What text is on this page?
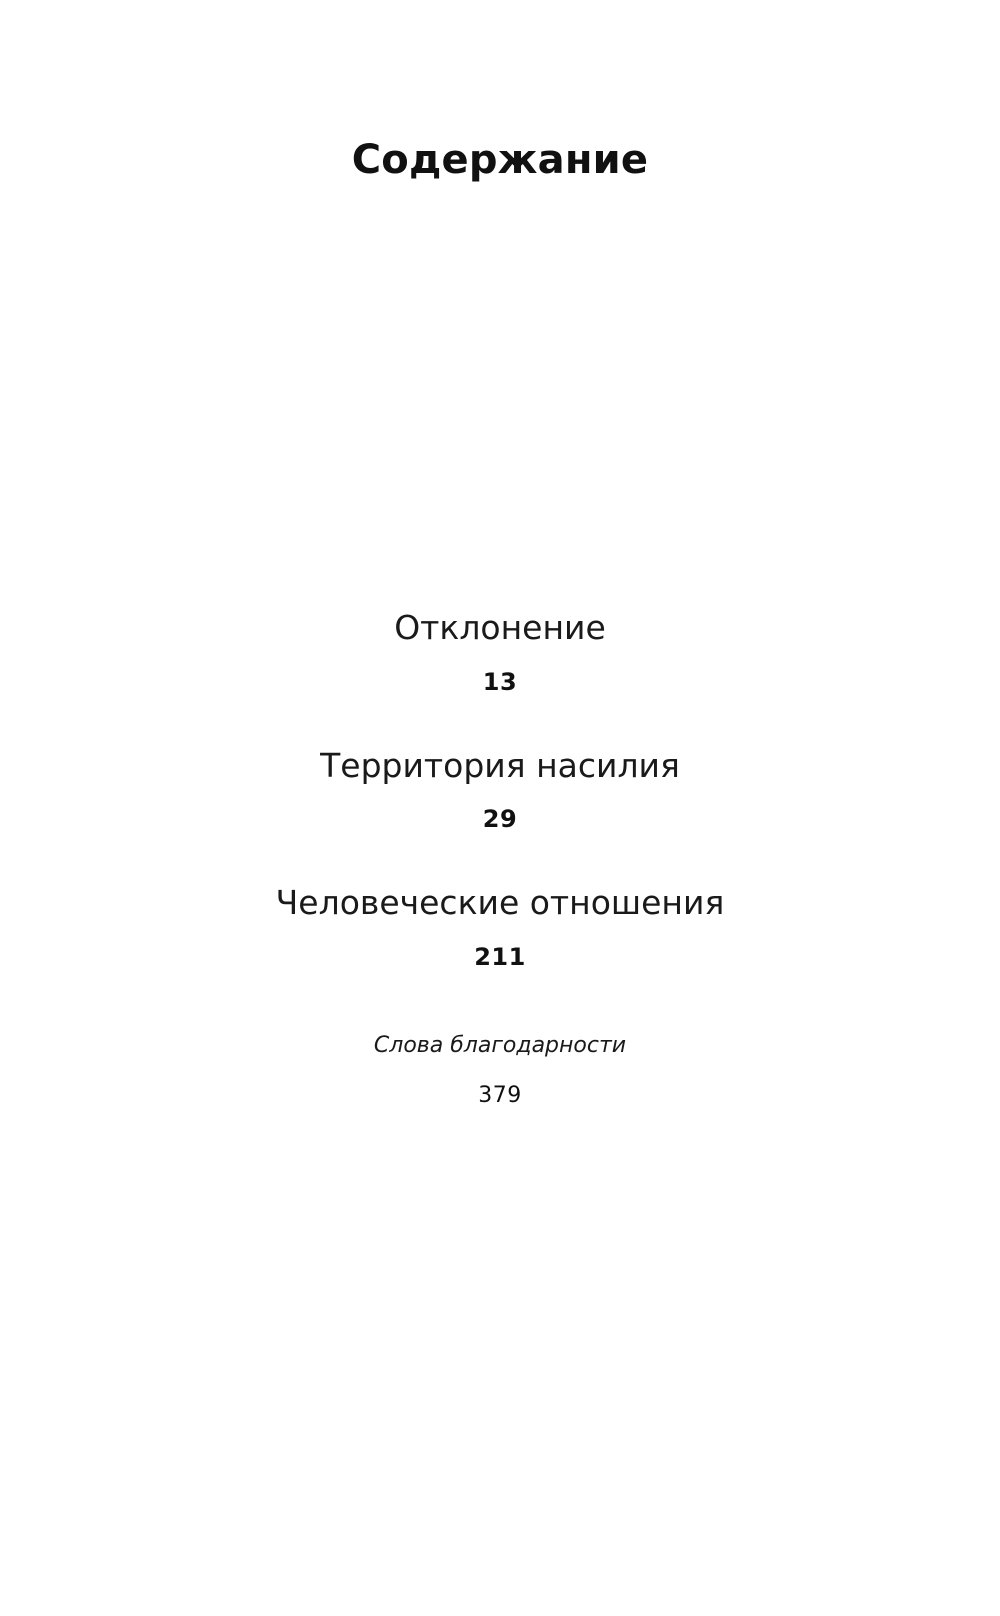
Содержание
Отклонение
13
Территория насилия
29
Человеческие отношения
211
Слова благодарности
379
